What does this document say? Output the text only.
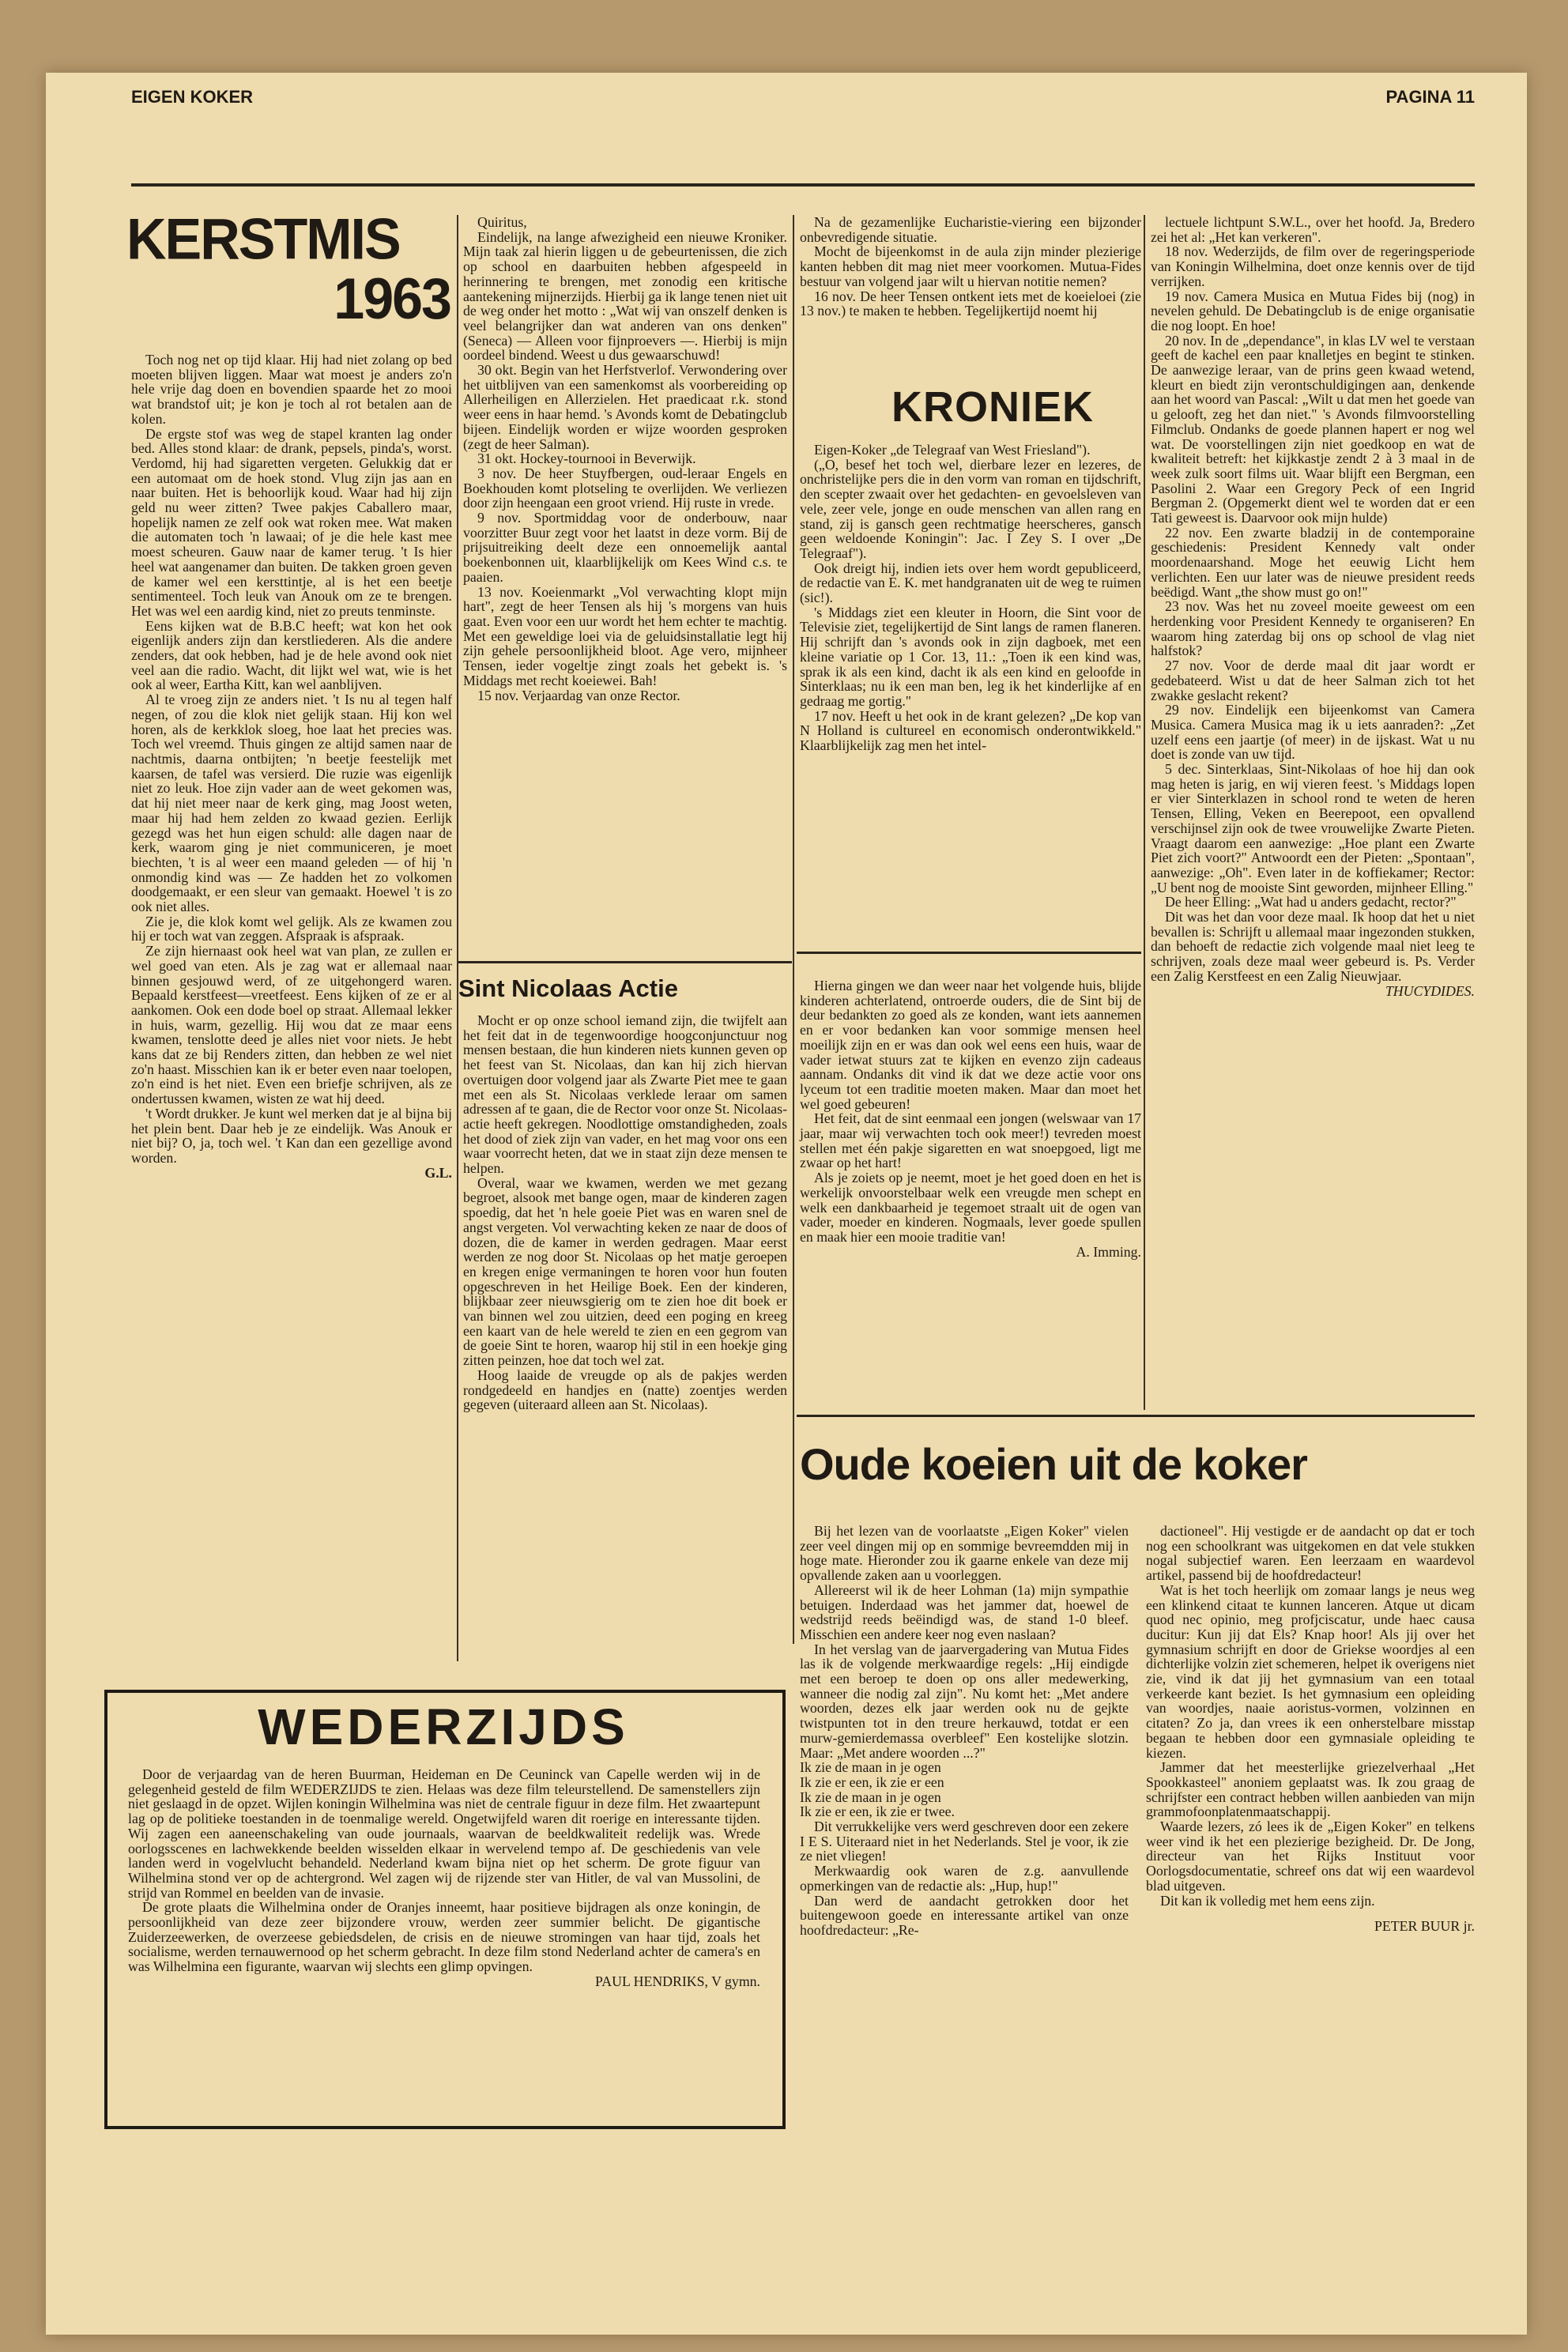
EIGEN KOKER	PAGINA 11
KERSTMIS
1963

Toch nog net op tijd klaar. Hij had niet zolang op bed moeten blijven liggen. Maar wat moest je anders zo'n hele vrije dag doen en bovendien spaarde het zo mooi wat brandstof uit; je kon je toch al rot betalen aan de kolen.

De ergste stof was weg de stapel kranten lag onder bed. Alles stond klaar: de drank, pepsels, pinda's, worst. Verdomd, hij had sigaretten vergeten. Gelukkig dat er een automaat om de hoek stond. Vlug zijn jas aan en naar buiten. Het is behoorlijk koud. Waar had hij zijn geld nu weer zitten? Twee pakjes Caballero maar, hopelijk namen ze zelf ook wat roken mee. Wat maken die automaten toch 'n lawaai; of je die hele kast mee moest scheuren. Gauw naar de kamer terug. 't Is hier heel wat aangenamer dan buiten. De takken groen geven de kamer wel een kersttintje, al is het een beetje sentimenteel. Toch leuk van Anouk om ze te brengen. Het was wel een aardig kind, niet zo preuts tenminste.

Eens kijken wat de B.B.C heeft; wat kon het ook eigenlijk anders zijn dan kerstliederen. Als die andere zenders, dat ook hebben, had je de hele avond ook niet veel aan die radio. Wacht, dit lijkt wel wat, wie is het ook al weer, Eartha Kitt, kan wel aanblijven.

Al te vroeg zijn ze anders niet. 't Is nu al tegen half negen, of zou die klok niet gelijk staan. Hij kon wel horen, als de kerkklok sloeg, hoe laat het precies was. Toch wel vreemd. Thuis gingen ze altijd samen naar de nachtmis, daarna ontbijten; 'n beetje feestelijk met kaarsen, de tafel was versierd. Die ruzie was eigenlijk niet zo leuk. Hoe zijn vader aan de weet gekomen was, dat hij niet meer naar de kerk ging, mag Joost weten, maar hij had hem zelden zo kwaad gezien. Eerlijk gezegd was het hun eigen schuld: alle dagen naar de kerk, waarom ging je niet communiceren, je moet biechten, 't is al weer een maand geleden — of hij 'n onmondig kind was — Ze hadden het zo volkomen doodgemaakt, er een sleur van gemaakt. Hoewel 't is zo ook niet alles.

Zie je, die klok komt wel gelijk. Als ze kwamen zou hij er toch wat van zeggen. Afspraak is afspraak.

Ze zijn hiernaast ook heel wat van plan, ze zullen er wel goed van eten. Als je zag wat er allemaal naar binnen gesjouwd werd, of ze uitgehongerd waren. Bepaald kerstfeest—vreetfeest. Eens kijken of ze er al aankomen. Ook een dode boel op straat. Allemaal lekker in huis, warm, gezellig. Hij wou dat ze maar eens kwamen, tenslotte deed je alles niet voor niets. Je hebt kans dat ze bij Renders zitten, dan hebben ze wel niet zo'n haast. Misschien kan ik er beter even naar toelopen, zo'n eind is het niet. Even een briefje schrijven, als ze ondertussen kwamen, wisten ze wat hij deed.

't Wordt drukker. Je kunt wel merken dat je al bijna bij het plein bent. Daar heb je ze eindelijk. Was Anouk er niet bij? O, ja, toch wel. 't Kan dan een gezellige avond worden.

G.L.

Quiritus,

Eindelijk, na lange afwezigheid een nieuwe Kroniker. Mijn taak zal hierin liggen u de gebeurtenissen, die zich op school en daarbuiten hebben afgespeeld in herinnering te brengen, met zonodig een kritische aantekening mijnerzijds. Hierbij ga ik lange tenen niet uit de weg onder het motto : „Wat wij van onszelf denken is veel belangrijker dan wat anderen van ons denken" (Seneca) — Alleen voor fijnproevers —. Hierbij is mijn oordeel bindend. Weest u dus gewaarschuwd!

30 okt. Begin van het Herfstverlof. Verwondering over het uitblijven van een samenkomst als voorbereiding op Allerheiligen en Allerzielen. Het praedicaat r.k. stond weer eens in haar hemd. 's Avonds komt de Debatingclub bijeen. Eindelijk worden er wijze woorden gesproken (zegt de heer Salman).

31 okt. Hockey-tournooi in Beverwijk.

3 nov. De heer Stuyfbergen, oud-leraar Engels en Boekhouden komt plotseling te overlijden. We verliezen door zijn heengaan een groot vriend. Hij ruste in vrede.

9 nov. Sportmiddag voor de onderbouw, naar voorzitter Buur zegt voor het laatst in deze vorm. Bij de prijsuitreiking deelt deze een onnoemelijk aantal boekenbonnen uit, klaarblijkelijk om Kees Wind c.s. te paaien.

13 nov. Koeienmarkt „Vol verwachting klopt mijn hart", zegt de heer Tensen als hij 's morgens van huis gaat. Even voor een uur wordt het hem echter te machtig. Met een geweldige loei via de geluidsinstallatie legt hij zijn gehele persoonlijkheid bloot. Age vero, mijnheer Tensen, ieder vogeltje zingt zoals het gebekt is. 's Middags met recht koeiewei. Bah!

15 nov. Verjaardag van onze Rector.

Sint Nicolaas Actie

Mocht er op onze school iemand zijn, die twijfelt aan het feit dat in de tegenwoordige hoogconjunctuur nog mensen bestaan, die hun kinderen niets kunnen geven op het feest van St. Nicolaas, dan kan hij zich hiervan overtuigen door volgend jaar als Zwarte Piet mee te gaan met een als St. Nicolaas verklede leraar om samen adressen af te gaan, die de Rector voor onze St. Nicolaas-actie heeft gekregen. Noodlottige omstandigheden, zoals het dood of ziek zijn van vader, en het mag voor ons een waar voorrecht heten, dat we in staat zijn deze mensen te helpen.

Overal, waar we kwamen, werden we met gezang begroet, alsook met bange ogen, maar de kinderen zagen spoedig, dat het 'n hele goeie Piet was en waren snel de angst vergeten. Vol verwachting keken ze naar de doos of dozen, die de kamer in werden gedragen. Maar eerst werden ze nog door St. Nicolaas op het matje geroepen en kregen enige vermaningen te horen voor hun fouten opgeschreven in het Heilige Boek. Een der kinderen, blijkbaar zeer nieuwsgierig om te zien hoe dit boek er van binnen wel zou uitzien, deed een poging en kreeg een kaart van de hele wereld te zien en een gegrom van de goeie Sint te horen, waarop hij stil in een hoekje ging zitten peinzen, hoe dat toch wel zat.

Hoog laaide de vreugde op als de pakjes werden rondgedeeld en handjes en (natte) zoentjes werden gegeven (uiteraard alleen aan St. Nicolaas).

Na de gezamenlijke Eucharistie-viering een bijzonder onbevredigende situatie.

Mocht de bijeenkomst in de aula zijn minder plezierige kanten hebben dit mag niet meer voorkomen. Mutua-Fides bestuur van volgend jaar wilt u hiervan notitie nemen?

16 nov. De heer Tensen ontkent iets met de koeieloei (zie 13 nov.) te maken te hebben. Tegelijkertijd noemt hij

KRONIEK

Eigen-Koker „de Telegraaf van West Friesland").

(„O, besef het toch wel, dierbare lezer en lezeres, de onchristelijke pers die in den vorm van roman en tijdschrift, den scepter zwaait over het gedachten- en gevoelsleven van vele, zeer vele, jonge en oude menschen van allen rang en stand, zij is gansch geen rechtmatige heerscheres, gansch geen weldoende Koningin": Jac. I Zey S. I over „De Telegraaf").

Ook dreigt hij, indien iets over hem wordt gepubliceerd, de redactie van E. K. met handgranaten uit de weg te ruimen (sic!).

's Middags ziet een kleuter in Hoorn, die Sint voor de Televisie ziet, tegelijkertijd de Sint langs de ramen flaneren. Hij schrijft dan 's avonds ook in zijn dagboek, met een kleine variatie op 1 Cor. 13, 11.: „Toen ik een kind was, sprak ik als een kind, dacht ik als een kind en geloofde in Sinterklaas; nu ik een man ben, leg ik het kinderlijke af en gedraag me gortig."

17 nov. Heeft u het ook in de krant gelezen? „De kop van N Holland is cultureel en economisch onderontwikkeld." Klaarblijkelijk zag men het intel-

Hierna gingen we dan weer naar het volgende huis, blijde kinderen achterlatend, ontroerde ouders, die de Sint bij de deur bedankten zo goed als ze konden, want iets aannemen en er voor bedanken kan voor sommige mensen heel moeilijk zijn en er was dan ook wel eens een huis, waar de vader ietwat stuurs zat te kijken en evenzo zijn cadeaus aannam. Ondanks dit vind ik dat we deze actie voor ons lyceum tot een traditie moeten maken. Maar dan moet het wel goed gebeuren!

Het feit, dat de sint eenmaal een jongen (welswaar van 17 jaar, maar wij verwachten toch ook meer!) tevreden moest stellen met één pakje sigaretten en wat snoepgoed, ligt me zwaar op het hart!

Als je zoiets op je neemt, moet je het goed doen en het is werkelijk onvoorstelbaar welk een vreugde men schept en welk een dankbaarheid je tegemoet straalt uit de ogen van vader, moeder en kinderen. Nogmaals, lever goede spullen en maak hier een mooie traditie van!

A. Imming.

lectuele lichtpunt S.W.L., over het hoofd. Ja, Bredero zei het al: „Het kan verkeren".

18 nov. Wederzijds, de film over de regeringsperiode van Koningin Wilhelmina, doet onze kennis over de tijd verrijken.

19 nov. Camera Musica en Mutua Fides bij (nog) in nevelen gehuld. De Debatingclub is de enige organisatie die nog loopt. En hoe!

20 nov. In de „dependance", in klas LV wel te verstaan geeft de kachel een paar knalletjes en begint te stinken. De aanwezige leraar, van de prins geen kwaad wetend, kleurt en biedt zijn verontschuldigingen aan, denkende aan het woord van Pascal: „Wilt u dat men het goede van u gelooft, zeg het dan niet." 's Avonds filmvoorstelling Filmclub. Ondanks de goede plannen hapert er nog wel wat. De voorstellingen zijn niet goedkoop en wat de kwaliteit betreft: het kijkkastje zendt 2 à 3 maal in de week zulk soort films uit. Waar blijft een Bergman, een Pasolini 2. Waar een Gregory Peck of een Ingrid Bergman 2. (Opgemerkt dient wel te worden dat er een Tati geweest is. Daarvoor ook mijn hulde)

22 nov. Een zwarte bladzij in de contemporaine geschiedenis: President Kennedy valt onder moordenaarshand. Moge het eeuwig Licht hem verlichten. Een uur later was de nieuwe president reeds beëdigd. Want „the show must go on!"

23 nov. Was het nu zoveel moeite geweest om een herdenking voor President Kennedy te organiseren? En waarom hing zaterdag bij ons op school de vlag niet halfstok?

27 nov. Voor de derde maal dit jaar wordt er gedebateerd. Wist u dat de heer Salman zich tot het zwakke geslacht rekent?

29 nov. Eindelijk een bijeenkomst van Camera Musica. Camera Musica mag ik u iets aanraden?: „Zet uzelf eens een jaartje (of meer) in de ijskast. Wat u nu doet is zonde van uw tijd.

5 dec. Sinterklaas, Sint-Nikolaas of hoe hij dan ook mag heten is jarig, en wij vieren feest. 's Middags lopen er vier Sinterklazen in school rond te weten de heren Tensen, Elling, Veken en Beerepoot, een opvallend verschijnsel zijn ook de twee vrouwelijke Zwarte Pieten. Vraagt daarom een aanwezige: „Hoe plant een Zwarte Piet zich voort?" Antwoordt een der Pieten: „Spontaan", aanwezige: „Oh". Even later in de koffiekamer; Rector: „U bent nog de mooiste Sint geworden, mijnheer Elling."

De heer Elling: „Wat had u anders gedacht, rector?"

Dit was het dan voor deze maal. Ik hoop dat het u niet bevallen is: Schrijft u allemaal maar ingezonden stukken, dan behoeft de redactie zich volgende maal niet leeg te schrijven, zoals deze maal weer gebeurd is. Ps. Verder een Zalig Kerstfeest en een Zalig Nieuwjaar.

THUCYDIDES.
Oude koeien uit de koker

Bij het lezen van de voorlaatste „Eigen Koker" vielen zeer veel dingen mij op en sommige bevreemdden mij in hoge mate. Hieronder zou ik gaarne enkele van deze mij opvallende zaken aan u voorleggen.

Allereerst wil ik de heer Lohman (1a) mijn sympathie betuigen. Inderdaad was het jammer dat, hoewel de wedstrijd reeds beëindigd was, de stand 1-0 bleef. Misschien een andere keer nog even naslaan?

In het verslag van de jaarvergadering van Mutua Fides las ik de volgende merkwaardige regels: „Hij eindigde met een beroep te doen op ons aller medewerking, wanneer die nodig zal zijn". Nu komt het: „Met andere woorden, dezes elk jaar werden ook nu de gejkte twistpunten tot in den treure herkauwd, totdat er een murw-gemierdemassa overbleef" Een kostelijke slotzin. Maar: „Met andere woorden ...?"

Ik zie de maan in je ogen
Ik zie er een, ik zie er een
Ik zie de maan in je ogen
Ik zie er een, ik zie er twee.

Dit verrukkelijke vers werd geschreven door een zekere I E S. Uiteraard niet in het Nederlands. Stel je voor, ik zie ze niet vliegen!

Merkwaardig ook waren de z.g. aanvullende opmerkingen van de redactie als: „Hup, hup!"

Dan werd de aandacht getrokken door het buitengewoon goede en interessante artikel van onze hoofdredacteur: „Re-

dactioneel". Hij vestigde er de aandacht op dat er toch nog een schoolkrant was uitgekomen en dat vele stukken nogal subjectief waren. Een leerzaam en waardevol artikel, passend bij de hoofdredacteur!

Wat is het toch heerlijk om zomaar langs je neus weg een klinkend citaat te kunnen lanceren. Atque ut dicam quod nec opinio, meg profjciscatur, unde haec causa ducitur: Kun jij dat Els? Knap hoor! Als jij over het gymnasium schrijft en door de Griekse woordjes al een dichterlijke volzin ziet schemeren, helpet ik overigens niet zie, vind ik dat jij het gymnasium van een totaal verkeerde kant beziet. Is het gymnasium een opleiding van woordjes, naaie aoristus-vormen, volzinnen en citaten? Zo ja, dan vrees ik een onherstelbare misstap begaan te hebben door een gymnasiale opleiding te kiezen.

Jammer dat het meesterlijke griezelverhaal „Het Spookkasteel" anoniem geplaatst was. Ik zou graag de schrijfster een contract hebben willen aanbieden van mijn grammofoonplatenmaatschappij.

Waarde lezers, zó lees ik de „Eigen Koker" en telkens weer vind ik het een plezierige bezigheid. Dr. De Jong, directeur van het Rijks Instituut voor Oorlogsdocumentatie, schreef ons dat wij een waardevol blad uitgeven.

Dit kan ik volledig met hem eens zijn.

PETER BUUR jr.
WEDERZIJDS

Door de verjaardag van de heren Buurman, Heideman en De Ceuninck van Capelle werden wij in de gelegenheid gesteld de film WEDERZIJDS te zien. Helaas was deze film teleurstellend. De samenstellers zijn niet geslaagd in de opzet. Wijlen koningin Wilhelmina was niet de centrale figuur in deze film. Het zwaartepunt lag op de politieke toestanden in de toenmalige wereld. Ongetwijfeld waren dit roerige en interessante tijden. Wij zagen een aaneenschakeling van oude journaals, waarvan de beeldkwaliteit redelijk was. Wrede oorlogsscenes en lachwekkende beelden wisselden elkaar in wervelend tempo af. De geschiedenis van vele landen werd in vogelvlucht behandeld. Nederland kwam bijna niet op het scherm. De grote figuur van Wilhelmina stond ver op de achtergrond. Wel zagen wij de rijzende ster van Hitler, de val van Mussolini, de strijd van Rommel en beelden van de invasie.

De grote plaats die Wilhelmina onder de Oranjes inneemt, haar positieve bijdragen als onze koningin, de persoonlijkheid van deze zeer bijzondere vrouw, werden zeer summier belicht. De gigantische Zuiderzeewerken, de overzeese gebiedsdelen, de crisis en de nieuwe stromingen van haar tijd, zoals het socialisme, werden ternauwernood op het scherm gebracht. In deze film stond Nederland achter de camera's en was Wilhelmina een figurante, waarvan wij slechts een glimp opvingen.

PAUL HENDRIKS, V gymn.
